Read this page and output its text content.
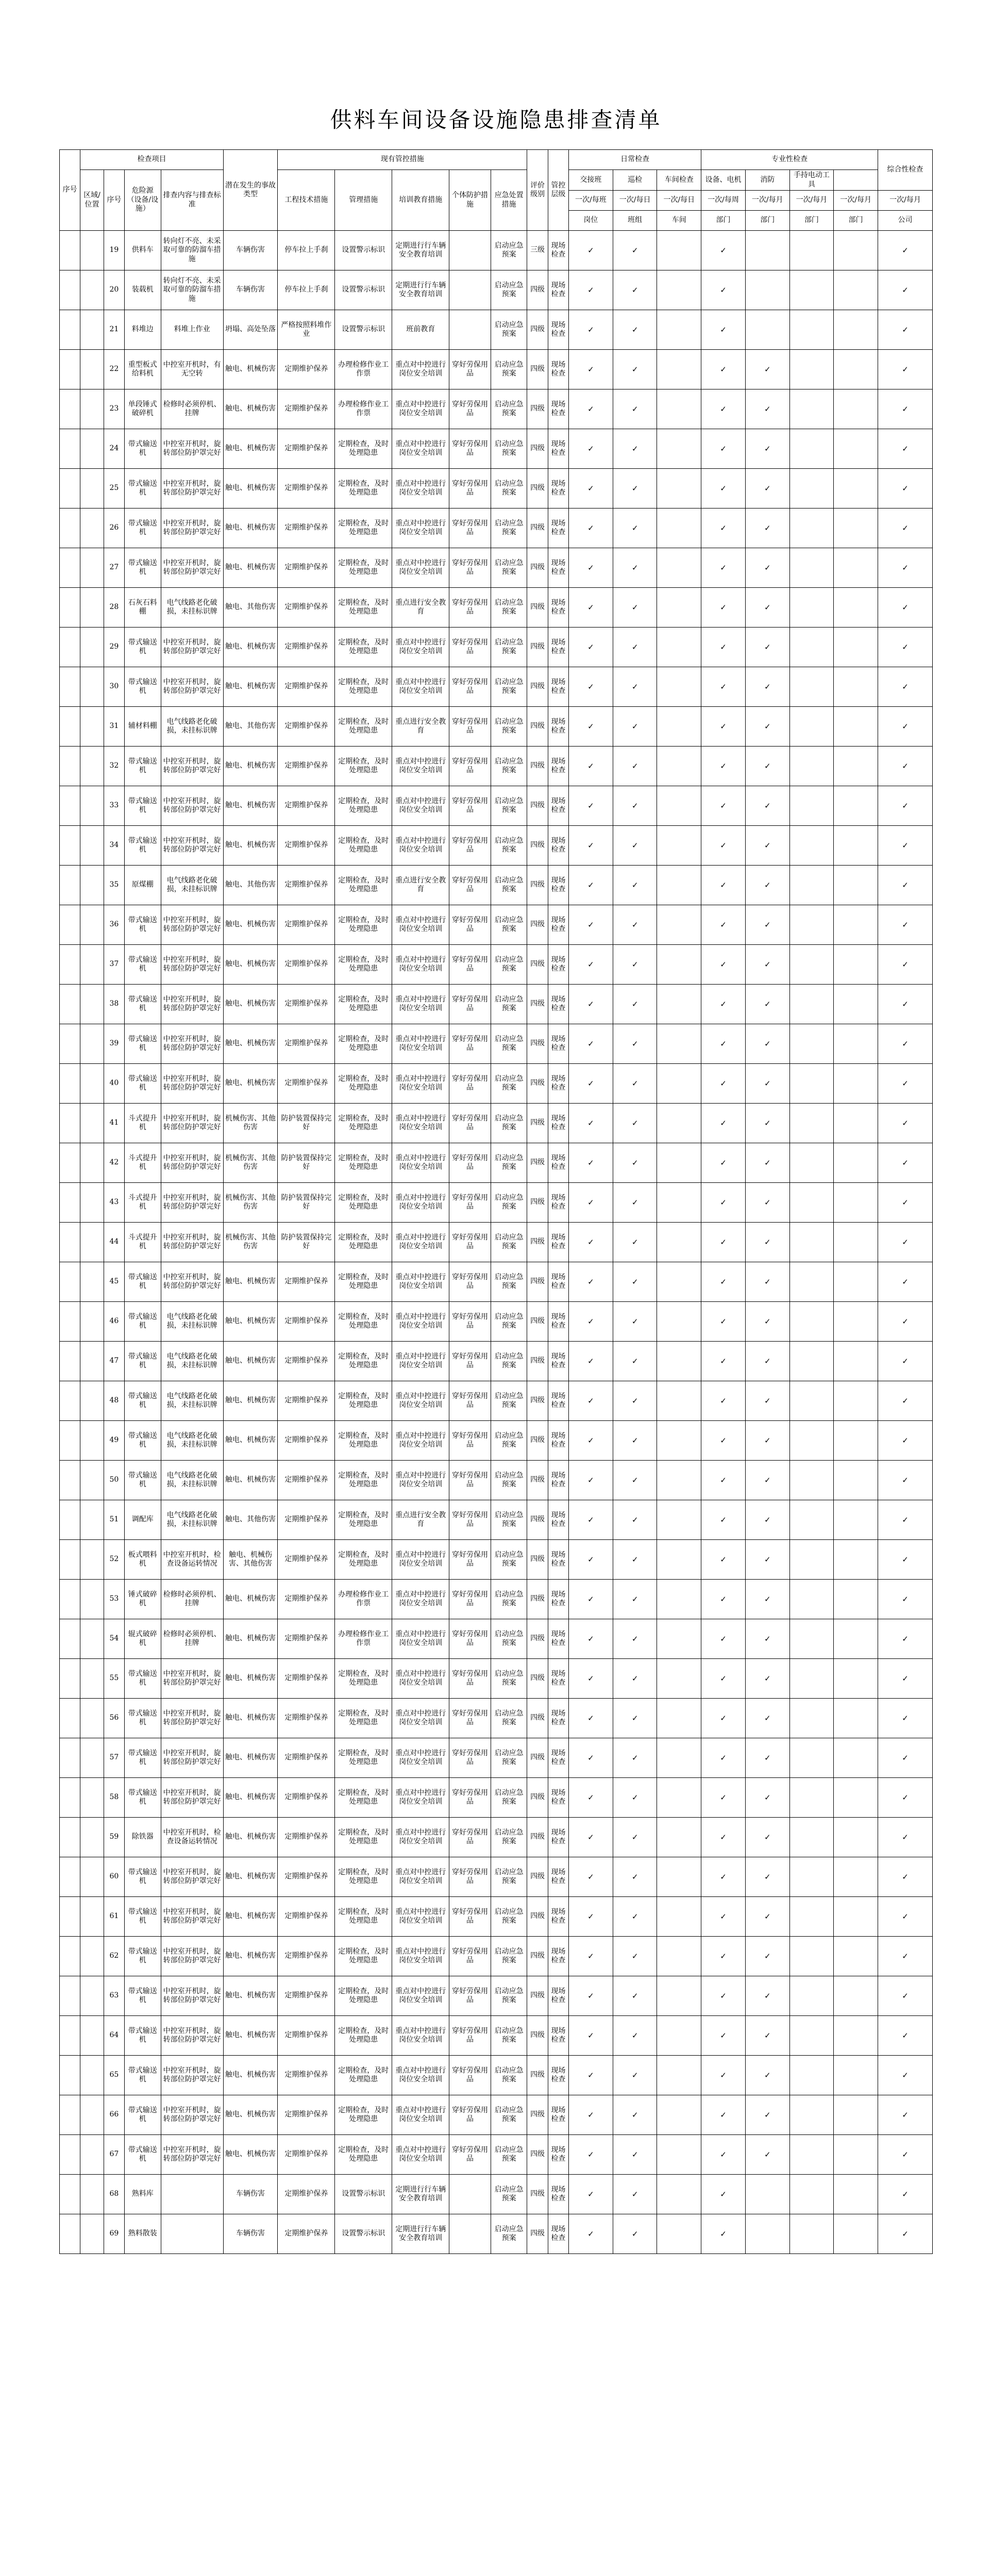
供料车间设备设施隐患排查清单
序号	检查项目				潜在发生的事故类型	现有管控措施					评价级别	管控层级	日常检查			专业性检查				综合性检查
	区域/位置	序号	危险源（设备/设施）	排查内容与排查标准		工程技术措施	管理措施	培训教育措施	个体防护措施	应急处置措施			交接班	巡检	车间检查	设备、电机	消防	手持电动工具		
													一次/每班	一次/每日	一次/每日	一次/每周	一次/每月	一次/每月	一次/每月	一次/每月
													岗位	班组	车间	部门	部门	部门	部门	公司
		19	供料车	转向灯不亮、未采取可靠的防溜车措施	车辆伤害	停车拉上手刹	设置警示标识	定期进行行车辆安全教育培训		启动应急预案	三级	现场检查	✓	✓		✓				✓
		20	装载机	转向灯不亮、未采取可靠的防溜车措施	车辆伤害	停车拉上手刹	设置警示标识	定期进行行车辆安全教育培训		启动应急预案	四级	现场检查	✓	✓		✓				✓
		21	料堆边	料堆上作业	坍塌、高处坠落	严格按照料堆作业	设置警示标识	班前教育		启动应急预案	四级	现场检查	✓	✓		✓				✓
		22	重型板式给料机	中控室开机时，有无空转	触电、机械伤害	定期维护保养	办理检修作业工作票	重点对中控进行岗位安全培训	穿好劳保用品	启动应急预案	四级	现场检查	✓	✓		✓	✓			✓
		23	单段锤式破碎机	检修时必须停机、挂牌	触电、机械伤害	定期维护保养	办理检修作业工作票	重点对中控进行岗位安全培训	穿好劳保用品	启动应急预案	四级	现场检查	✓	✓		✓	✓			✓
		24	带式输送机	中控室开机时，旋转部位防护罩完好	触电、机械伤害	定期维护保养	定期检查，及时处理隐患	重点对中控进行岗位安全培训	穿好劳保用品	启动应急预案	四级	现场检查	✓	✓		✓	✓			✓
		25	带式输送机	中控室开机时，旋转部位防护罩完好	触电、机械伤害	定期维护保养	定期检查，及时处理隐患	重点对中控进行岗位安全培训	穿好劳保用品	启动应急预案	四级	现场检查	✓	✓		✓	✓			✓
		26	带式输送机	中控室开机时，旋转部位防护罩完好	触电、机械伤害	定期维护保养	定期检查，及时处理隐患	重点对中控进行岗位安全培训	穿好劳保用品	启动应急预案	四级	现场检查	✓	✓		✓	✓			✓
		27	带式输送机	中控室开机时，旋转部位防护罩完好	触电、机械伤害	定期维护保养	定期检查，及时处理隐患	重点对中控进行岗位安全培训	穿好劳保用品	启动应急预案	四级	现场检查	✓	✓		✓	✓			✓
		28	石灰石料棚	电气线路老化破损，未挂标识牌	触电、其他伤害	定期维护保养	定期检查，及时处理隐患	重点进行安全教育	穿好劳保用品	启动应急预案	四级	现场检查	✓	✓		✓	✓			✓
		29	带式输送机	中控室开机时，旋转部位防护罩完好	触电、机械伤害	定期维护保养	定期检查，及时处理隐患	重点对中控进行岗位安全培训	穿好劳保用品	启动应急预案	四级	现场检查	✓	✓		✓	✓			✓
		30	带式输送机	中控室开机时，旋转部位防护罩完好	触电、机械伤害	定期维护保养	定期检查，及时处理隐患	重点对中控进行岗位安全培训	穿好劳保用品	启动应急预案	四级	现场检查	✓	✓		✓	✓			✓
		31	辅材料棚	电气线路老化破损，未挂标识牌	触电、其他伤害	定期维护保养	定期检查，及时处理隐患	重点进行安全教育	穿好劳保用品	启动应急预案	四级	现场检查	✓	✓		✓	✓			✓
		32	带式输送机	中控室开机时，旋转部位防护罩完好	触电、机械伤害	定期维护保养	定期检查，及时处理隐患	重点对中控进行岗位安全培训	穿好劳保用品	启动应急预案	四级	现场检查	✓	✓		✓	✓			✓
		33	带式输送机	中控室开机时，旋转部位防护罩完好	触电、机械伤害	定期维护保养	定期检查，及时处理隐患	重点对中控进行岗位安全培训	穿好劳保用品	启动应急预案	四级	现场检查	✓	✓		✓	✓			✓
		34	带式输送机	中控室开机时，旋转部位防护罩完好	触电、机械伤害	定期维护保养	定期检查，及时处理隐患	重点对中控进行岗位安全培训	穿好劳保用品	启动应急预案	四级	现场检查	✓	✓		✓	✓			✓
		35	原煤棚	电气线路老化破损，未挂标识牌	触电、其他伤害	定期维护保养	定期检查，及时处理隐患	重点进行安全教育	穿好劳保用品	启动应急预案	四级	现场检查	✓	✓		✓	✓			✓
		36	带式输送机	中控室开机时，旋转部位防护罩完好	触电、机械伤害	定期维护保养	定期检查，及时处理隐患	重点对中控进行岗位安全培训	穿好劳保用品	启动应急预案	四级	现场检查	✓	✓		✓	✓			✓
		37	带式输送机	中控室开机时，旋转部位防护罩完好	触电、机械伤害	定期维护保养	定期检查，及时处理隐患	重点对中控进行岗位安全培训	穿好劳保用品	启动应急预案	四级	现场检查	✓	✓		✓	✓			✓
		38	带式输送机	中控室开机时，旋转部位防护罩完好	触电、机械伤害	定期维护保养	定期检查，及时处理隐患	重点对中控进行岗位安全培训	穿好劳保用品	启动应急预案	四级	现场检查	✓	✓		✓	✓			✓
		39	带式输送机	中控室开机时，旋转部位防护罩完好	触电、机械伤害	定期维护保养	定期检查，及时处理隐患	重点对中控进行岗位安全培训	穿好劳保用品	启动应急预案	四级	现场检查	✓	✓		✓	✓			✓
		40	带式输送机	中控室开机时，旋转部位防护罩完好	触电、机械伤害	定期维护保养	定期检查，及时处理隐患	重点对中控进行岗位安全培训	穿好劳保用品	启动应急预案	四级	现场检查	✓	✓		✓	✓			✓
		41	斗式提升机	中控室开机时，旋转部位防护罩完好	机械伤害、其他伤害	防护装置保持完好	定期检查，及时处理隐患	重点对中控进行岗位安全培训	穿好劳保用品	启动应急预案	四级	现场检查	✓	✓		✓	✓			✓
		42	斗式提升机	中控室开机时，旋转部位防护罩完好	机械伤害、其他伤害	防护装置保持完好	定期检查，及时处理隐患	重点对中控进行岗位安全培训	穿好劳保用品	启动应急预案	四级	现场检查	✓	✓		✓	✓			✓
		43	斗式提升机	中控室开机时，旋转部位防护罩完好	机械伤害、其他伤害	防护装置保持完好	定期检查，及时处理隐患	重点对中控进行岗位安全培训	穿好劳保用品	启动应急预案	四级	现场检查	✓	✓		✓	✓			✓
		44	斗式提升机	中控室开机时，旋转部位防护罩完好	机械伤害、其他伤害	防护装置保持完好	定期检查，及时处理隐患	重点对中控进行岗位安全培训	穿好劳保用品	启动应急预案	四级	现场检查	✓	✓		✓	✓			✓
		45	带式输送机	中控室开机时，旋转部位防护罩完好	触电、机械伤害	定期维护保养	定期检查，及时处理隐患	重点对中控进行岗位安全培训	穿好劳保用品	启动应急预案	四级	现场检查	✓	✓		✓	✓			✓
		46	带式输送机	电气线路老化破损，未挂标识牌	触电、机械伤害	定期维护保养	定期检查，及时处理隐患	重点对中控进行岗位安全培训	穿好劳保用品	启动应急预案	四级	现场检查	✓	✓		✓	✓			✓
		47	带式输送机	电气线路老化破损，未挂标识牌	触电、机械伤害	定期维护保养	定期检查，及时处理隐患	重点对中控进行岗位安全培训	穿好劳保用品	启动应急预案	四级	现场检查	✓	✓		✓	✓			✓
		48	带式输送机	电气线路老化破损，未挂标识牌	触电、机械伤害	定期维护保养	定期检查，及时处理隐患	重点对中控进行岗位安全培训	穿好劳保用品	启动应急预案	四级	现场检查	✓	✓		✓	✓			✓
		49	带式输送机	电气线路老化破损，未挂标识牌	触电、机械伤害	定期维护保养	定期检查，及时处理隐患	重点对中控进行岗位安全培训	穿好劳保用品	启动应急预案	四级	现场检查	✓	✓		✓	✓			✓
		50	带式输送机	电气线路老化破损，未挂标识牌	触电、机械伤害	定期维护保养	定期检查，及时处理隐患	重点对中控进行岗位安全培训	穿好劳保用品	启动应急预案	四级	现场检查	✓	✓		✓	✓			✓
		51	调配库	电气线路老化破损，未挂标识牌	触电、其他伤害	定期维护保养	定期检查，及时处理隐患	重点进行安全教育	穿好劳保用品	启动应急预案	四级	现场检查	✓	✓		✓	✓			✓
		52	板式喂料机	中控室开机时，检查设备运转情况	触电、机械伤害、其他伤害	定期维护保养	定期检查，及时处理隐患	重点对中控进行岗位安全培训	穿好劳保用品	启动应急预案	四级	现场检查	✓	✓		✓	✓			✓
		53	锤式破碎机	检修时必须停机、挂牌	触电、机械伤害	定期维护保养	办理检修作业工作票	重点对中控进行岗位安全培训	穿好劳保用品	启动应急预案	四级	现场检查	✓	✓		✓	✓			✓
		54	辊式破碎机	检修时必须停机、挂牌	触电、机械伤害	定期维护保养	办理检修作业工作票	重点对中控进行岗位安全培训	穿好劳保用品	启动应急预案	四级	现场检查	✓	✓		✓	✓			✓
		55	带式输送机	中控室开机时，旋转部位防护罩完好	触电、机械伤害	定期维护保养	定期检查，及时处理隐患	重点对中控进行岗位安全培训	穿好劳保用品	启动应急预案	四级	现场检查	✓	✓		✓	✓			✓
		56	带式输送机	中控室开机时，旋转部位防护罩完好	触电、机械伤害	定期维护保养	定期检查，及时处理隐患	重点对中控进行岗位安全培训	穿好劳保用品	启动应急预案	四级	现场检查	✓	✓		✓	✓			✓
		57	带式输送机	中控室开机时，旋转部位防护罩完好	触电、机械伤害	定期维护保养	定期检查，及时处理隐患	重点对中控进行岗位安全培训	穿好劳保用品	启动应急预案	四级	现场检查	✓	✓		✓	✓			✓
		58	带式输送机	中控室开机时，旋转部位防护罩完好	触电、机械伤害	定期维护保养	定期检查，及时处理隐患	重点对中控进行岗位安全培训	穿好劳保用品	启动应急预案	四级	现场检查	✓	✓		✓	✓			✓
		59	除铁器	中控室开机时，检查设备运转情况	触电、机械伤害	定期维护保养	定期检查，及时处理隐患	重点对中控进行岗位安全培训	穿好劳保用品	启动应急预案	四级	现场检查	✓	✓		✓	✓			✓
		60	带式输送机	中控室开机时，旋转部位防护罩完好	触电、机械伤害	定期维护保养	定期检查，及时处理隐患	重点对中控进行岗位安全培训	穿好劳保用品	启动应急预案	四级	现场检查	✓	✓		✓	✓			✓
		61	带式输送机	中控室开机时，旋转部位防护罩完好	触电、机械伤害	定期维护保养	定期检查，及时处理隐患	重点对中控进行岗位安全培训	穿好劳保用品	启动应急预案	四级	现场检查	✓	✓		✓	✓			✓
		62	带式输送机	中控室开机时，旋转部位防护罩完好	触电、机械伤害	定期维护保养	定期检查，及时处理隐患	重点对中控进行岗位安全培训	穿好劳保用品	启动应急预案	四级	现场检查	✓	✓		✓	✓			✓
		63	带式输送机	中控室开机时，旋转部位防护罩完好	触电、机械伤害	定期维护保养	定期检查，及时处理隐患	重点对中控进行岗位安全培训	穿好劳保用品	启动应急预案	四级	现场检查	✓	✓		✓	✓			✓
		64	带式输送机	中控室开机时，旋转部位防护罩完好	触电、机械伤害	定期维护保养	定期检查，及时处理隐患	重点对中控进行岗位安全培训	穿好劳保用品	启动应急预案	四级	现场检查	✓	✓		✓	✓			✓
		65	带式输送机	中控室开机时，旋转部位防护罩完好	触电、机械伤害	定期维护保养	定期检查，及时处理隐患	重点对中控进行岗位安全培训	穿好劳保用品	启动应急预案	四级	现场检查	✓	✓		✓	✓			✓
		66	带式输送机	中控室开机时，旋转部位防护罩完好	触电、机械伤害	定期维护保养	定期检查，及时处理隐患	重点对中控进行岗位安全培训	穿好劳保用品	启动应急预案	四级	现场检查	✓	✓		✓	✓			✓
		67	带式输送机	中控室开机时，旋转部位防护罩完好	触电、机械伤害	定期维护保养	定期检查，及时处理隐患	重点对中控进行岗位安全培训	穿好劳保用品	启动应急预案	四级	现场检查	✓	✓		✓	✓			✓
		68	熟料库		车辆伤害	定期维护保养	设置警示标识	定期进行行车辆安全教育培训		启动应急预案	四级	现场检查	✓	✓		✓				✓
		69	熟料散装		车辆伤害	定期维护保养	设置警示标识	定期进行行车辆安全教育培训		启动应急预案	四级	现场检查	✓	✓		✓				✓
